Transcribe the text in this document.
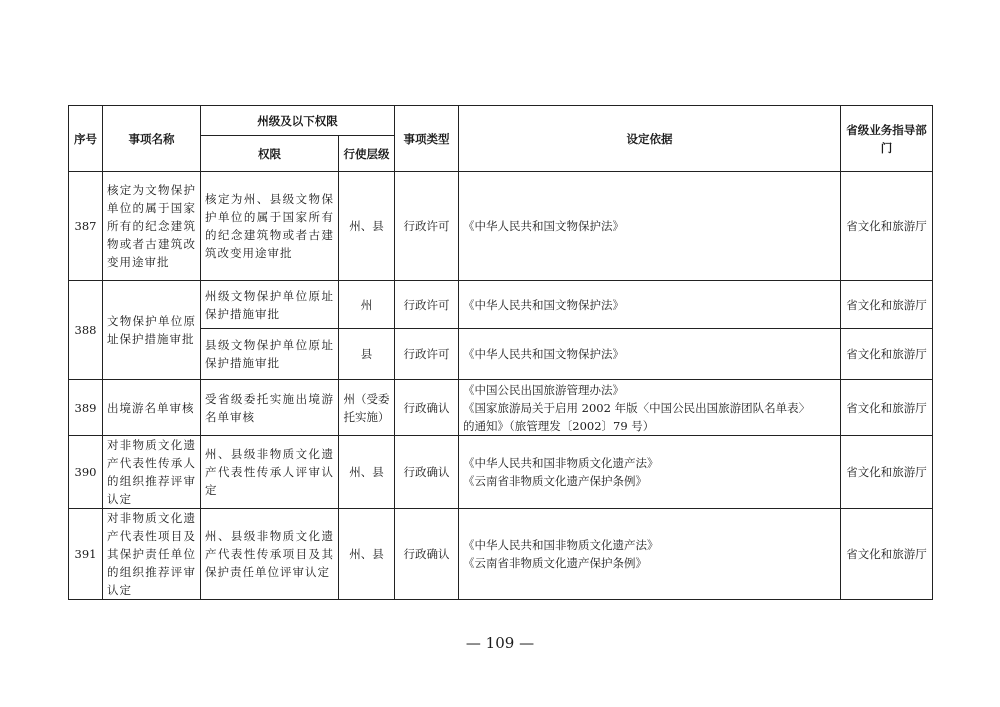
序号	事项名称	州级及以下权限		事项类型	设定依据	省级业务指导部门
		权限	行使层级			
387	核定为文物保护单位的属于国家所有的纪念建筑物或者古建筑改变用途审批	核定为州、县级文物保护单位的属于国家所有的纪念建筑物或者古建筑改变用途审批	州、县	行政许可	《中华人民共和国文物保护法》	省文化和旅游厅
388	文物保护单位原址保护措施审批	州级文物保护单位原址保护措施审批	州	行政许可	《中华人民共和国文物保护法》	省文化和旅游厅
		县级文物保护单位原址保护措施审批	县	行政许可	《中华人民共和国文物保护法》	省文化和旅游厅
389	出境游名单审核	受省级委托实施出境游名单审核	州（受委托实施）	行政确认	《中国公民出国旅游管理办法》
《国家旅游局关于启用 2002 年版〈中国公民出国旅游团队名单表〉
的通知》（旅管理发〔2002〕79 号）	省文化和旅游厅
390	对非物质文化遗产代表性传承人的组织推荐评审认定	州、县级非物质文化遗产代表性传承人评审认定	州、县	行政确认	《中华人民共和国非物质文化遗产法》
《云南省非物质文化遗产保护条例》	省文化和旅游厅
391	对非物质文化遗产代表性项目及其保护责任单位的组织推荐评审认定	州、县级非物质文化遗产代表性传承项目及其保护责任单位评审认定	州、县	行政确认	《中华人民共和国非物质文化遗产法》
《云南省非物质文化遗产保护条例》	省文化和旅游厅
— 109 —
